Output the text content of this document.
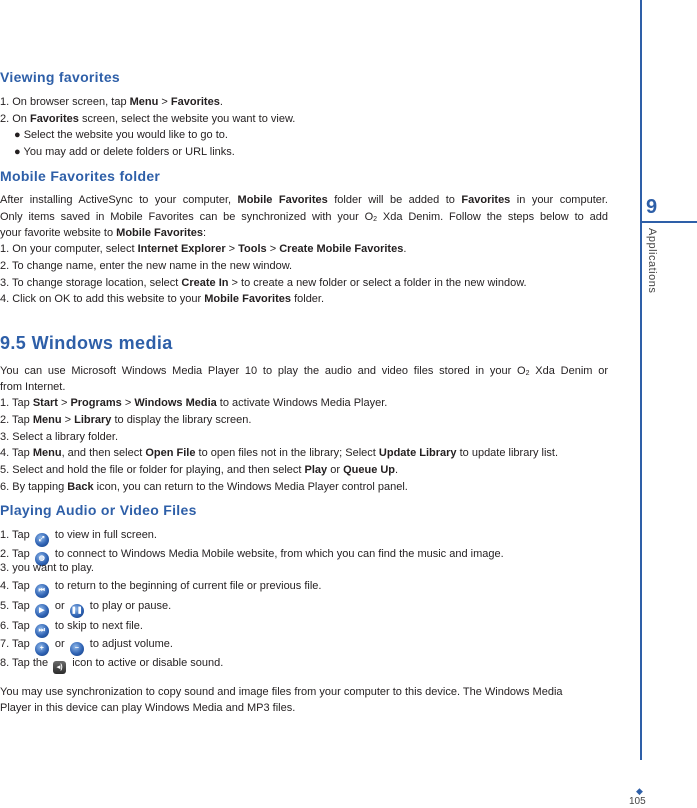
Viewing favorites
1. On browser screen, tap Menu > Favorites.
2. On Favorites screen, select the website you want to view.
● Select the website you would like to go to.
● You may add or delete folders or URL links.
Mobile Favorites folder
After installing ActiveSync to your computer, Mobile Favorites folder will be added to Favorites in your computer.
Only items saved in Mobile Favorites can be synchronized with your O2 Xda Denim. Follow the steps below to add
your favorite website to Mobile Favorites:
1. On your computer, select Internet Explorer > Tools > Create Mobile Favorites.
2. To change name, enter the new name in the new window.
3. To change storage location, select Create In > to create a new folder or select a folder in the new window.
4. Click on OK to add this website to your Mobile Favorites folder.
9.5 Windows media
You can use Microsoft Windows Media Player 10 to play the audio and video files stored in your O2 Xda Denim or
from Internet.
1. Tap Start > Programs > Windows Media to activate Windows Media Player.
2. Tap Menu > Library to display the library screen.
3. Select a library folder.
4. Tap Menu, and then select Open File to open files not in the library; Select Update Library to update library list.
5. Select and hold the file or folder for playing, and then select Play or Queue Up.
6. By tapping Back icon, you can return to the Windows Media Player control panel.
Playing Audio or Video Files
1. Tap ⤢ to view in full screen.
2. Tap ◍ to connect to Windows Media Mobile website, from which you can find the music and image.
3. you want to play.
4. Tap ⏮ to return to the beginning of current file or previous file.
5. Tap ▶ or ❚❚ to play or pause.
6. Tap ⏭ to skip to next file.
7. Tap + or − to adjust volume.
8. Tap the ◂) icon to active or disable sound.
You may use synchronization to copy sound and image files from your computer to this device. The Windows Media
Player in this device can play Windows Media and MP3 files.
9
Applications
◆
105
